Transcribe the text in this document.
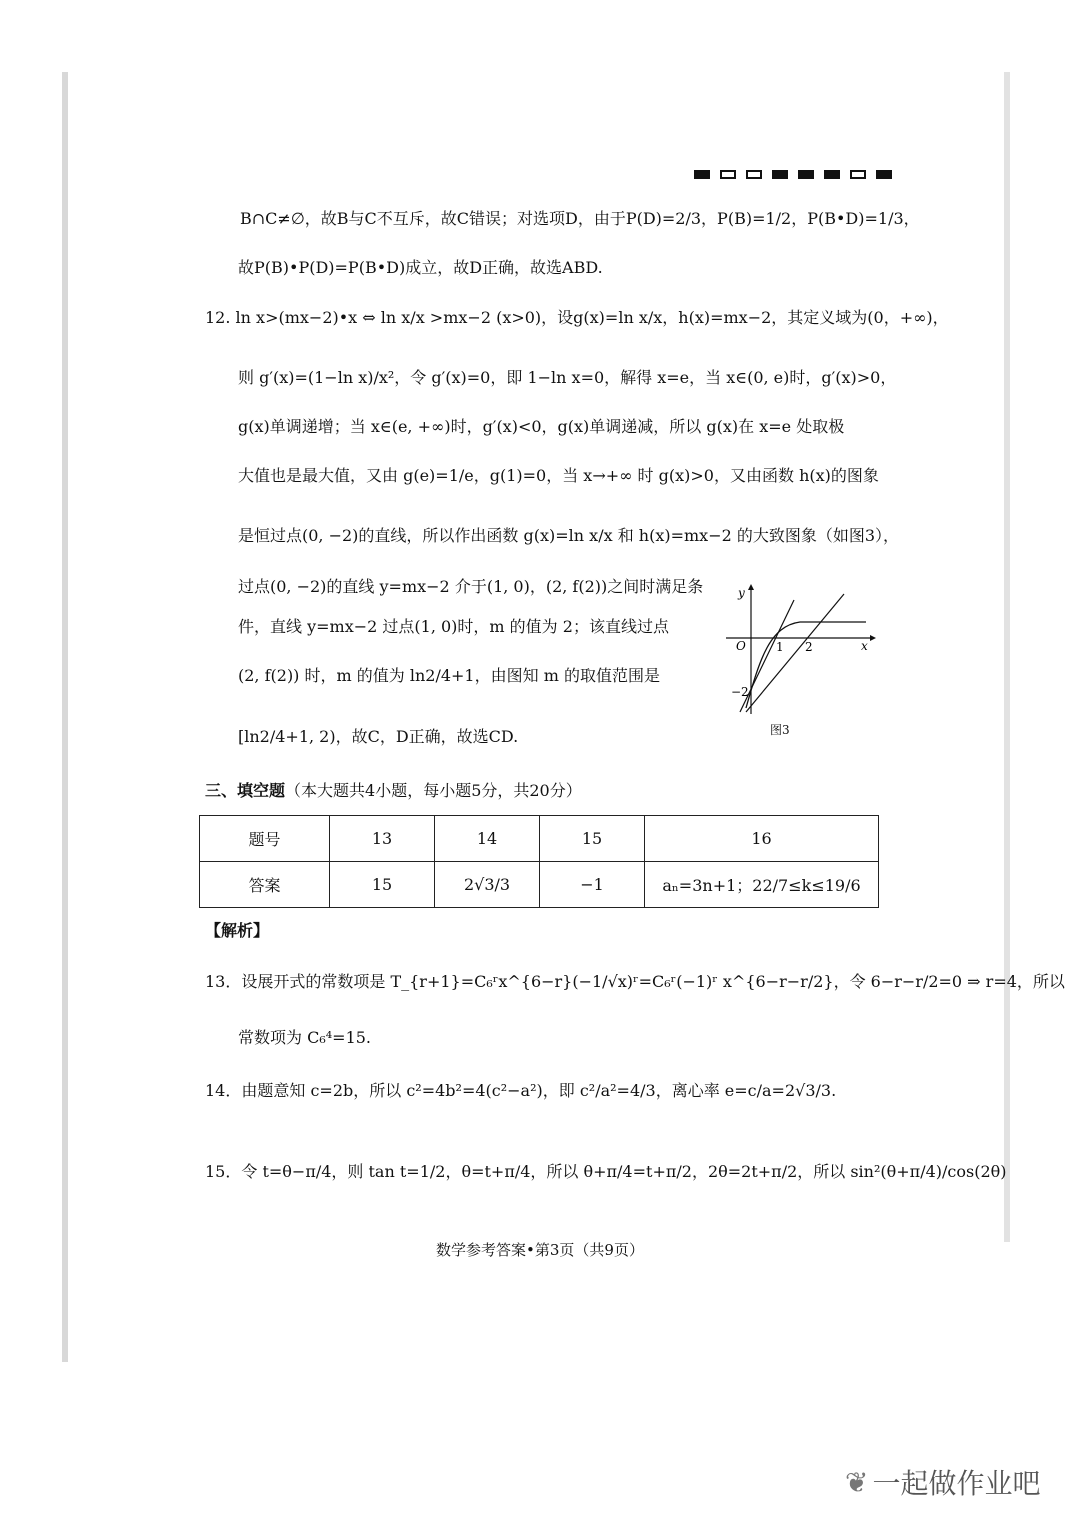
B∩C≠∅，故B与C不互斥，故C错误；对选项D，由于P(D)=2/3，P(B)=1/2，P(B•D)=1/3，
故P(B)•P(D)=P(B•D)成立，故D正确，故选ABD.
12. ln x>(mx−2)•x ⇔ ln x/x >mx−2 (x>0)，设g(x)=ln x/x，h(x)=mx−2，其定义域为(0，+∞)，
则 g′(x)=(1−ln x)/x²，令 g′(x)=0，即 1−ln x=0，解得 x=e，当 x∈(0, e)时，g′(x)>0，
g(x)单调递增；当 x∈(e, +∞)时，g′(x)<0，g(x)单调递减，所以 g(x)在 x=e 处取极
大值也是最大值，又由 g(e)=1/e，g(1)=0，当 x→+∞ 时 g(x)>0，又由函数 h(x)的图象
是恒过点(0, −2)的直线，所以作出函数 g(x)=ln x/x 和 h(x)=mx−2 的大致图象（如图3），
过点(0, −2)的直线 y=mx−2 介于(1, 0)，(2, f(2))之间时满足条
件，直线 y=mx−2 过点(1, 0)时，m 的值为 2；该直线过点
(2, f(2)) 时，m 的值为 ln2/4+1，由图知 m 的取值范围是
[ln2/4+1, 2)，故C，D正确，故选CD.
y
x
O	1 2
−2
图3
三、填空题（本大题共4小题，每小题5分，共20分）
题号	13	14	15	16
答案	15	2√3/3	−1	aₙ=3n+1；22/7≤k≤19/6
【解析】
13．设展开式的常数项是 T_{r+1}=C₆ʳx^{6−r}(−1/√x)ʳ=C₆ʳ(−1)ʳ x^{6−r−r/2}，令 6−r−r/2=0 ⇒ r=4，所以
常数项为 C₆⁴=15.
14．由题意知 c=2b，所以 c²=4b²=4(c²−a²)，即 c²/a²=4/3，离心率 e=c/a=2√3/3.
15．令 t=θ−π/4，则 tan t=1/2，θ=t+π/4，所以 θ+π/4=t+π/2，2θ=2t+π/2，所以 sin²(θ+π/4)/cos(2θ)
数学参考答案•第3页（共9页）
❦ 一起做作业吧
